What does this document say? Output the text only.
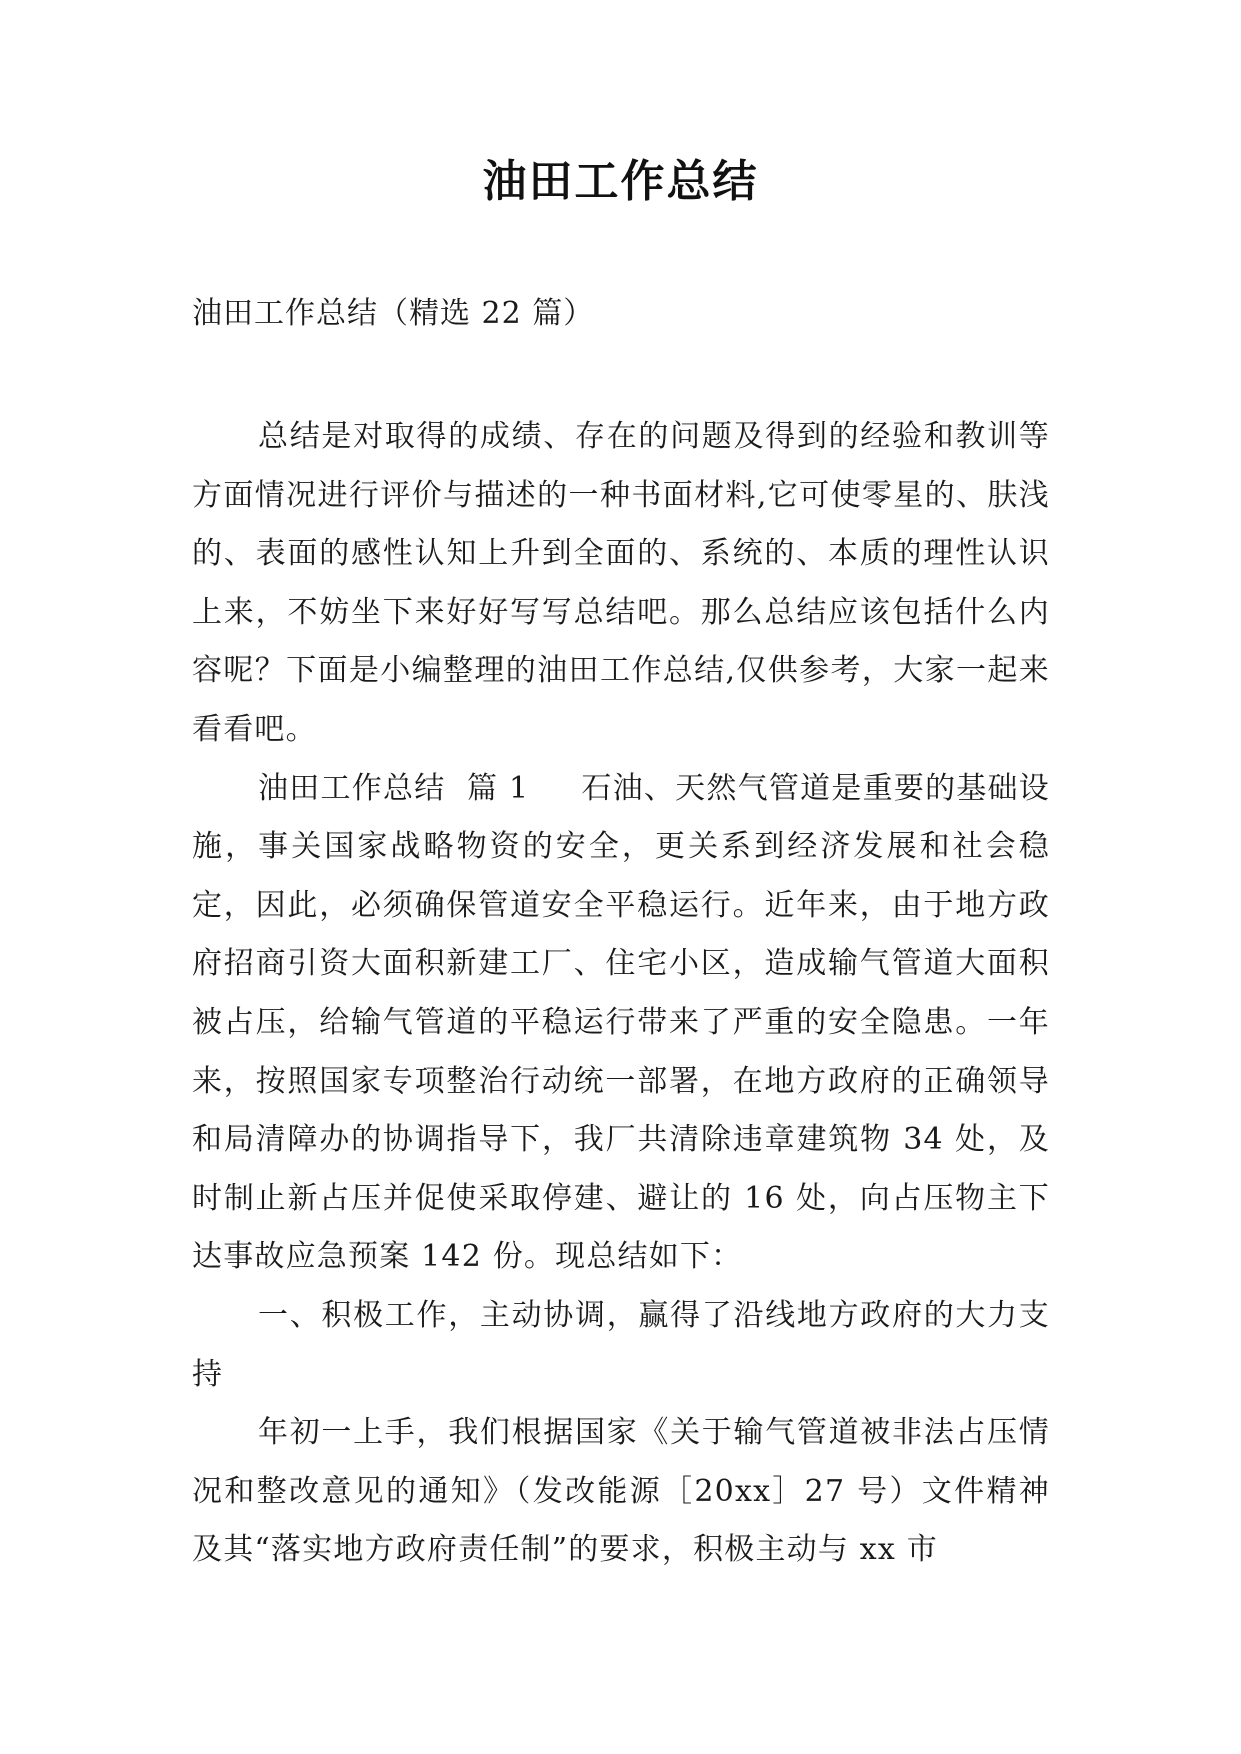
油田工作总结

油田工作总结（精选 22 篇）

总结是对取得的成绩、存在的问题及得到的经验和教训等方面情况进行评价与描述的一种书面材料,它可使零星的、肤浅的、表面的感性认知上升到全面的、系统的、本质的理性认识上来，不妨坐下来好好写写总结吧。那么总结应该包括什么内容呢？下面是小编整理的油田工作总结,仅供参考，大家一起来看看吧。

油田工作总结  篇 1 石油、天然气管道是重要的基础设施，事关国家战略物资的安全，更关系到经济发展和社会稳定，因此，必须确保管道安全平稳运行。近年来，由于地方政府招商引资大面积新建工厂、住宅小区，造成输气管道大面积被占压，给输气管道的平稳运行带来了严重的安全隐患。一年来，按照国家专项整治行动统一部署，在地方政府的正确领导和局清障办的协调指导下，我厂共清除违章建筑物 34 处，及时制止新占压并促使采取停建、避让的 16 处，向占压物主下达事故应急预案 142 份。现总结如下：

一、积极工作，主动协调，赢得了沿线地方政府的大力支持

年初一上手，我们根据国家《关于输气管道被非法占压情况和整改意见的通知》（发改能源［20xx］27 号）文件精神及其“落实地方政府责任制”的要求，积极主动与 xx 市
